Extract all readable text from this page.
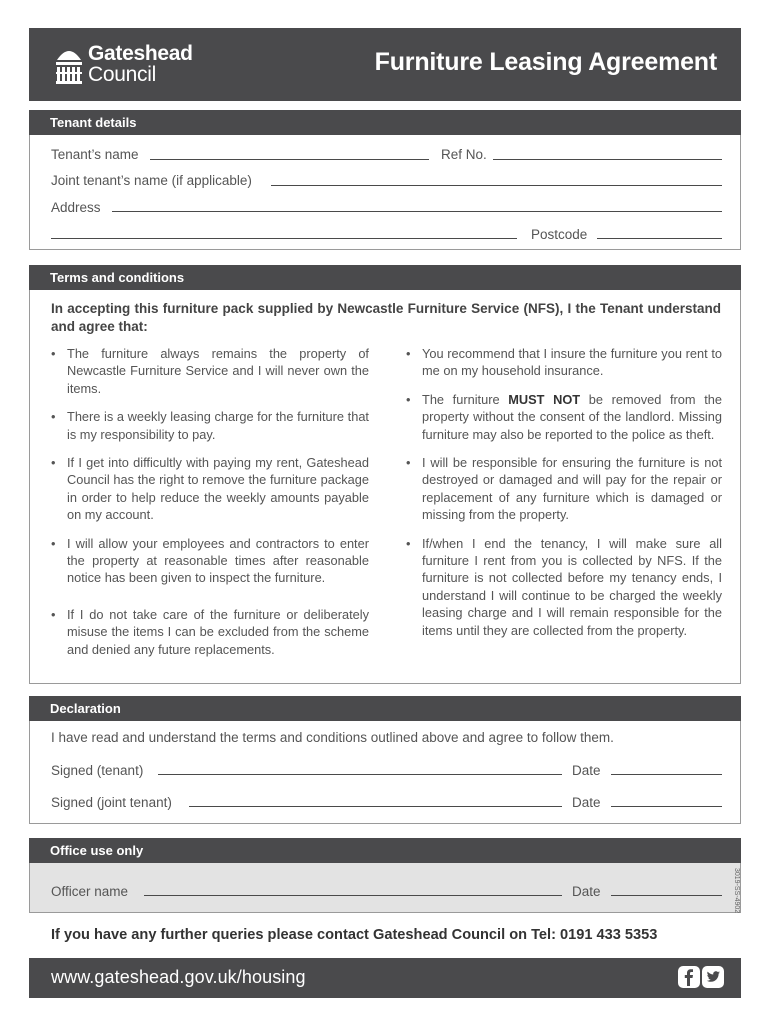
Gateshead
Council	Furniture Leasing Agreement
Tenant details
Tenant’s name	Ref No.
Joint tenant’s name (if applicable)
Address
Postcode
Terms and conditions
In accepting this furniture pack supplied by Newcastle Furniture Service (NFS), I the Tenant understand and agree that:
• The furniture always remains the property of Newcastle Furniture Service and I will never own the items.
• There is a weekly leasing charge for the furniture that is my responsibility to pay.
• If I get into difficultly with paying my rent, Gateshead Council has the right to remove the furniture package in order to help reduce the weekly amounts payable on my account.
• I will allow your employees and contractors to enter the property at reasonable times after reasonable notice has been given to inspect the furniture.
• If I do not take care of the furniture or deliberately misuse the items I can be excluded from the scheme and denied any future replacements.
• You recommend that I insure the furniture you rent to me on my household insurance.
• The furniture MUST NOT be removed from the property without the consent of the landlord. Missing furniture may also be reported to the police as theft.
• I will be responsible for ensuring the furniture is not destroyed or damaged and will pay for the repair or replacement of any furniture which is damaged or missing from the property.
• If/when I end the tenancy, I will make sure all furniture I rent from you is collected by NFS. If the furniture is not collected before my tenancy ends, I understand I will continue to be charged the weekly leasing charge and I will remain responsible for the items until they are collected from the property.
Declaration
I have read and understand the terms and conditions outlined above and agree to follow them.
Signed (tenant)	Date
Signed (joint tenant)	Date
Office use only
Officer name	Date	3019-SS-4902
If you have any further queries please contact Gateshead Council on Tel: 0191 433 5353
www.gateshead.gov.uk/housing
